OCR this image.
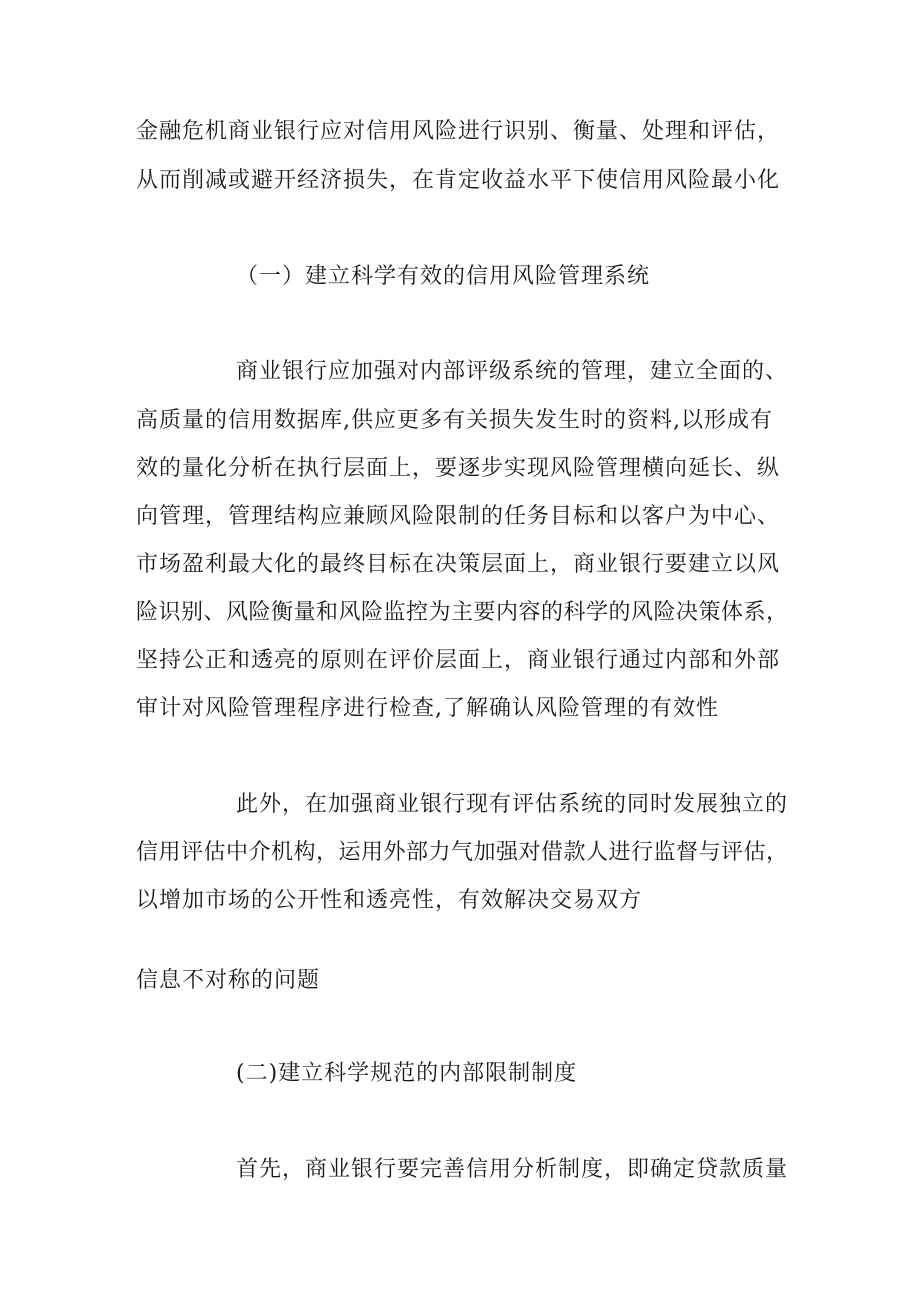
金融危机商业银行应对信用风险进行识别、衡量、处理和评估，
从而削减或避开经济损失，在肯定收益水平下使信用风险最小化
（一）建立科学有效的信用风险管理系统
商业银行应加强对内部评级系统的管理，建立全面的、
高质量的信用数据库,供应更多有关损失发生时的资料,以形成有
效的量化分析在执行层面上，要逐步实现风险管理横向延长、纵
向管理，管理结构应兼顾风险限制的任务目标和以客户为中心、
市场盈利最大化的最终目标在决策层面上，商业银行要建立以风
险识别、风险衡量和风险监控为主要内容的科学的风险决策体系，
坚持公正和透亮的原则在评价层面上，商业银行通过内部和外部
审计对风险管理程序进行检查,了解确认风险管理的有效性
此外，在加强商业银行现有评估系统的同时发展独立的
信用评估中介机构，运用外部力气加强对借款人进行监督与评估，
以增加市场的公开性和透亮性，有效解决交易双方
信息不对称的问题
(二)建立科学规范的内部限制制度
首先，商业银行要完善信用分析制度，即确定贷款质量
